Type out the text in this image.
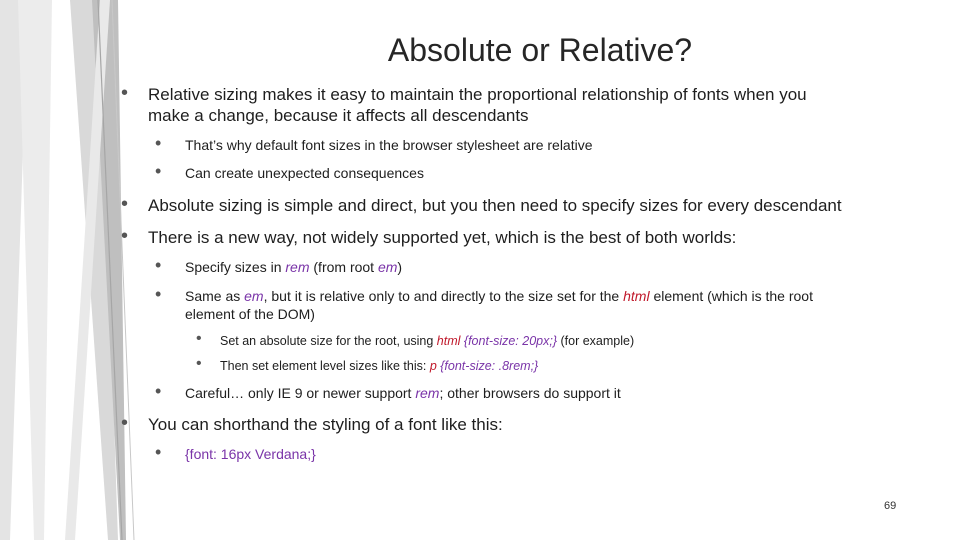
Absolute or Relative?
• Relative sizing makes it easy to maintain the proportional relationship of fonts when you
make a change, because it affects all descendants
• That’s why default font sizes in the browser stylesheet are relative
• Can create unexpected consequences
• Absolute sizing is simple and direct, but you then need to specify sizes for every descendant
• There is a new way, not widely supported yet, which is the best of both worlds:
• Specify sizes in rem (from root em)
• Same as em, but it is relative only to and directly to the size set for the html element (which is the root
element of the DOM)
• Set an absolute size for the root, using html {font-size: 20px;} (for example)
• Then set element level sizes like this: p {font-size: .8rem;}
• Careful… only IE 9 or newer support rem; other browsers do support it
• You can shorthand the styling of a font like this:
• {font: 16px Verdana;}
69
